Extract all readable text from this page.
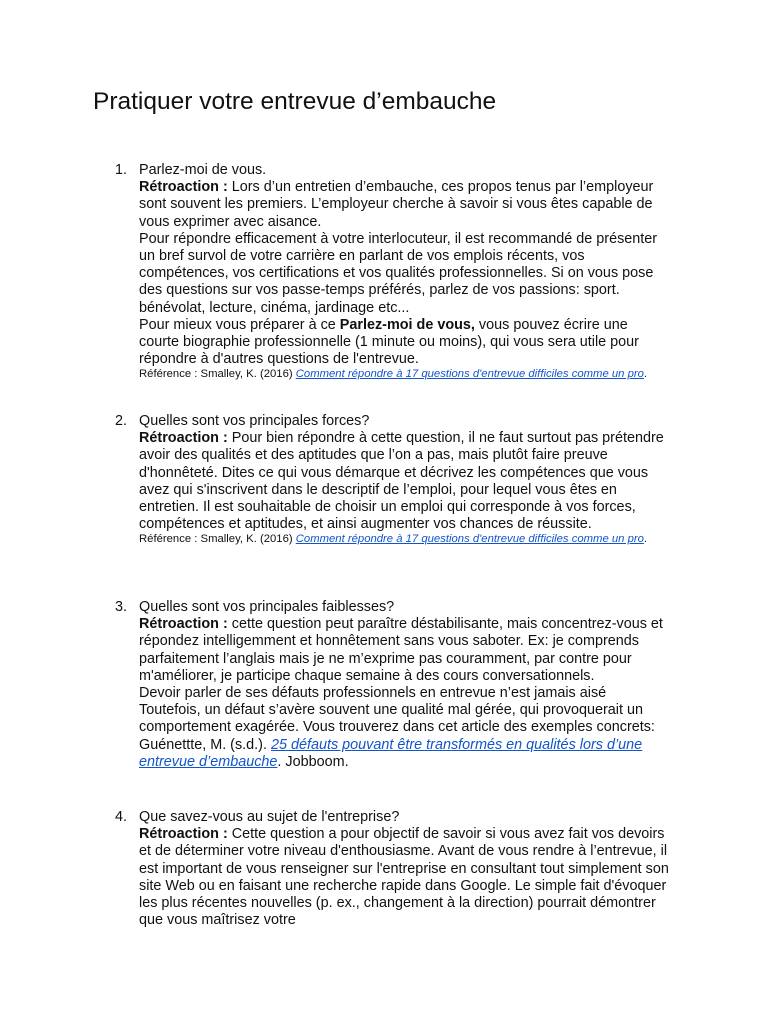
Pratiquer votre entrevue d’embauche
1. Parlez-moi de vous.
Rétroaction : Lors d’un entretien d’embauche, ces propos tenus par l’employeur sont souvent les premiers. L’employeur cherche à savoir si vous êtes capable de vous exprimer avec aisance.
Pour répondre efficacement à votre interlocuteur, il est recommandé de présenter un bref survol de votre carrière en parlant de vos emplois récents, vos compétences, vos certifications et vos qualités professionnelles. Si on vous pose des questions sur vos passe-temps préférés, parlez de vos passions: sport. bénévolat, lecture, cinéma, jardinage etc...
Pour mieux vous préparer à ce Parlez-moi de vous, vous pouvez écrire une courte biographie professionnelle (1 minute ou moins), qui vous sera utile pour répondre à d'autres questions de l'entrevue.
Référence : Smalley, K. (2016) Comment répondre à 17 questions d'entrevue difficiles comme un pro.
2. Quelles sont vos principales forces?
Rétroaction : Pour bien répondre à cette question, il ne faut surtout pas prétendre avoir des qualités et des aptitudes que l’on a pas, mais plutôt faire preuve d'honnêteté. Dites ce qui vous démarque et décrivez les compétences que vous avez qui s'inscrivent dans le descriptif de l’emploi, pour lequel vous êtes en entretien. Il est souhaitable de choisir un emploi qui corresponde à vos forces, compétences et aptitudes, et ainsi augmenter vos chances de réussite.
Référence : Smalley, K. (2016) Comment répondre à 17 questions d'entrevue difficiles comme un pro.
3. Quelles sont vos principales faiblesses?
Rétroaction : cette question peut paraître déstabilisante, mais concentrez-vous et répondez intelligemment et honnêtement sans vous saboter. Ex: je comprends parfaitement l’anglais mais je ne m’exprime pas couramment, par contre pour m'améliorer, je participe chaque semaine à des cours conversationnels.
Devoir parler de ses défauts professionnels en entrevue n’est jamais aisé Toutefois, un défaut s’avère souvent une qualité mal gérée, qui provoquerait un comportement exagérée. Vous trouverez dans cet article des exemples concrets: Guénettte, M. (s.d.). 25 défauts pouvant être transformés en qualités lors d’une entrevue d’embauche. Jobboom.
4. Que savez-vous au sujet de l'entreprise?
Rétroaction : Cette question a pour objectif de savoir si vous avez fait vos devoirs et de déterminer votre niveau d'enthousiasme. Avant de vous rendre à l’entrevue, il est important de vous renseigner sur l'entreprise en consultant tout simplement son site Web ou en faisant une recherche rapide dans Google. Le simple fait d'évoquer les plus récentes nouvelles (p. ex., changement à la direction) pourrait démontrer que vous maîtrisez votre
